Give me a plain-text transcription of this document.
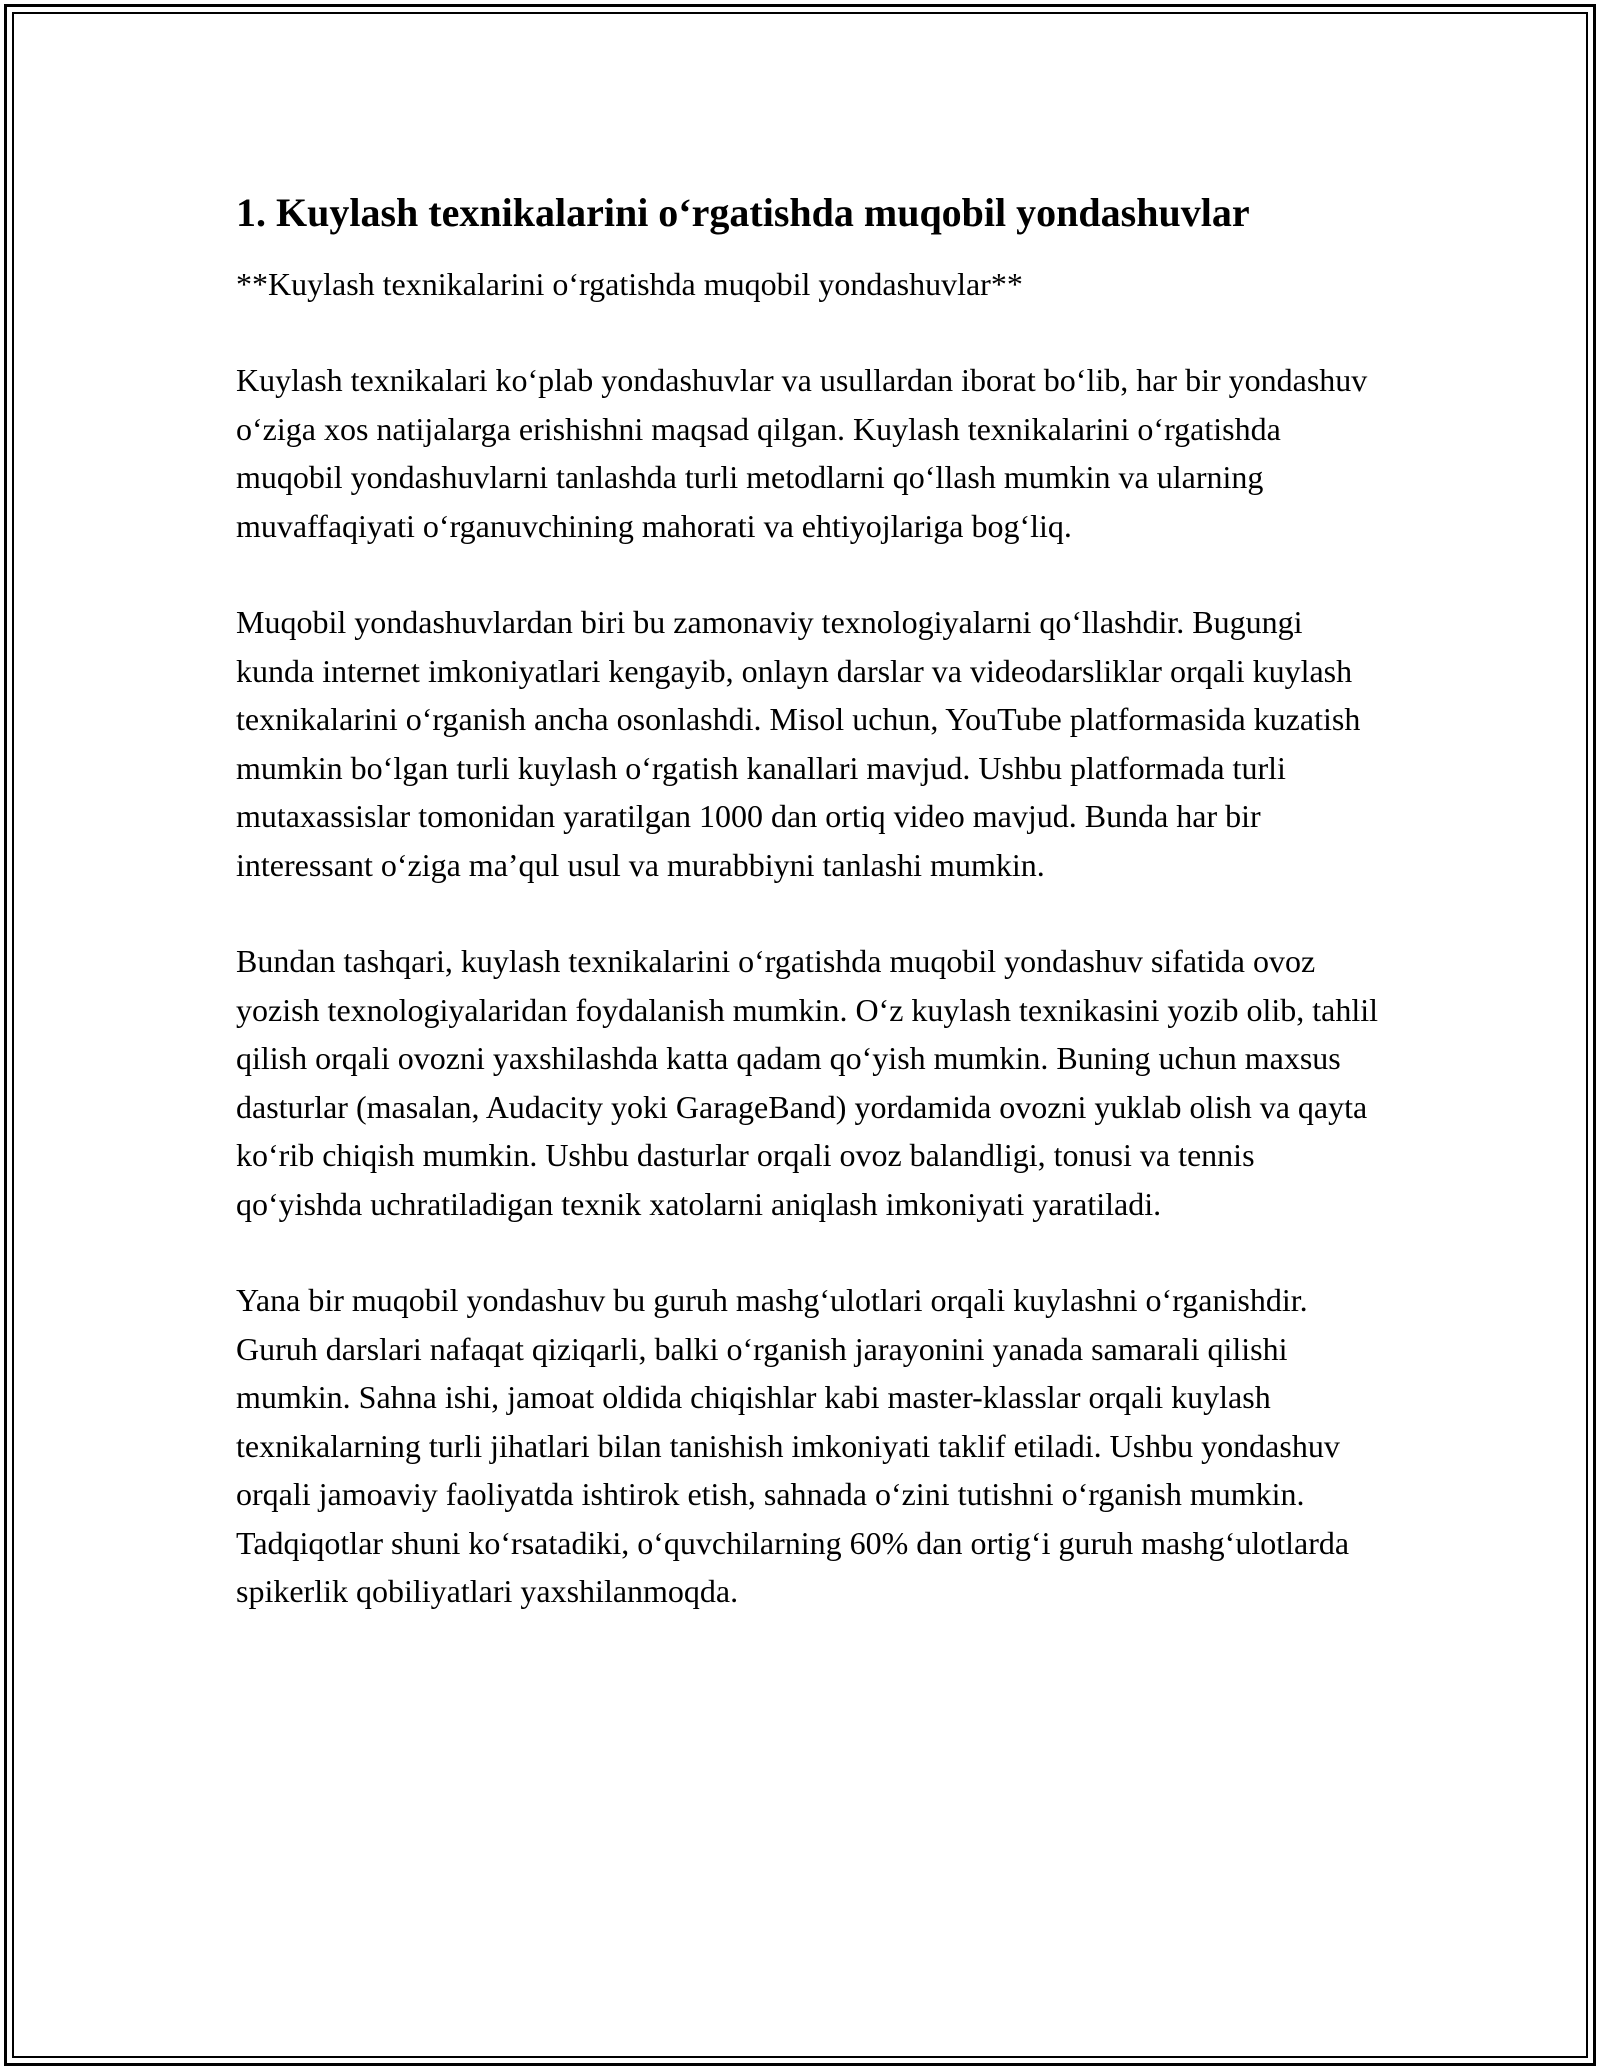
1. Kuylash texnikalarini o‘rgatishda muqobil yondashuvlar

**Kuylash texnikalarini o‘rgatishda muqobil yondashuvlar**

Kuylash texnikalari ko‘plab yondashuvlar va usullardan iborat bo‘lib, har bir yondashuv o‘ziga xos natijalarga erishishni maqsad qilgan. Kuylash texnikalarini o‘rgatishda muqobil yondashuvlarni tanlashda turli metodlarni qo‘llash mumkin va ularning muvaffaqiyati o‘rganuvchining mahorati va ehtiyojlariga bog‘liq.

Muqobil yondashuvlardan biri bu zamonaviy texnologiyalarni qo‘llashdir. Bugungi kunda internet imkoniyatlari kengayib, onlayn darslar va videodarsliklar orqali kuylash texnikalarini o‘rganish ancha osonlashdi. Misol uchun, YouTube platformasida kuzatish mumkin bo‘lgan turli kuylash o‘rgatish kanallari mavjud. Ushbu platformada turli mutaxassislar tomonidan yaratilgan 1000 dan ortiq video mavjud. Bunda har bir interessant o‘ziga ma’qul usul va murabbiyni tanlashi mumkin.

Bundan tashqari, kuylash texnikalarini o‘rgatishda muqobil yondashuv sifatida ovoz yozish texnologiyalaridan foydalanish mumkin. O‘z kuylash texnikasini yozib olib, tahlil qilish orqali ovozni yaxshilashda katta qadam qo‘yish mumkin. Buning uchun maxsus dasturlar (masalan, Audacity yoki GarageBand) yordamida ovozni yuklab olish va qayta ko‘rib chiqish mumkin. Ushbu dasturlar orqali ovoz balandligi, tonusi va tennis qo‘yishda uchratiladigan texnik xatolarni aniqlash imkoniyati yaratiladi.

Yana bir muqobil yondashuv bu guruh mashg‘ulotlari orqali kuylashni o‘rganishdir. Guruh darslari nafaqat qiziqarli, balki o‘rganish jarayonini yanada samarali qilishi mumkin. Sahna ishi, jamoat oldida chiqishlar kabi master-klasslar orqali kuylash texnikalarning turli jihatlari bilan tanishish imkoniyati taklif etiladi. Ushbu yondashuv orqali jamoaviy faoliyatda ishtirok etish, sahnada o‘zini tutishni o‘rganish mumkin. Tadqiqotlar shuni ko‘rsatadiki, o‘quvchilarning 60% dan ortig‘i guruh mashg‘ulotlarda spikerlik qobiliyatlari yaxshilanmoqda.
